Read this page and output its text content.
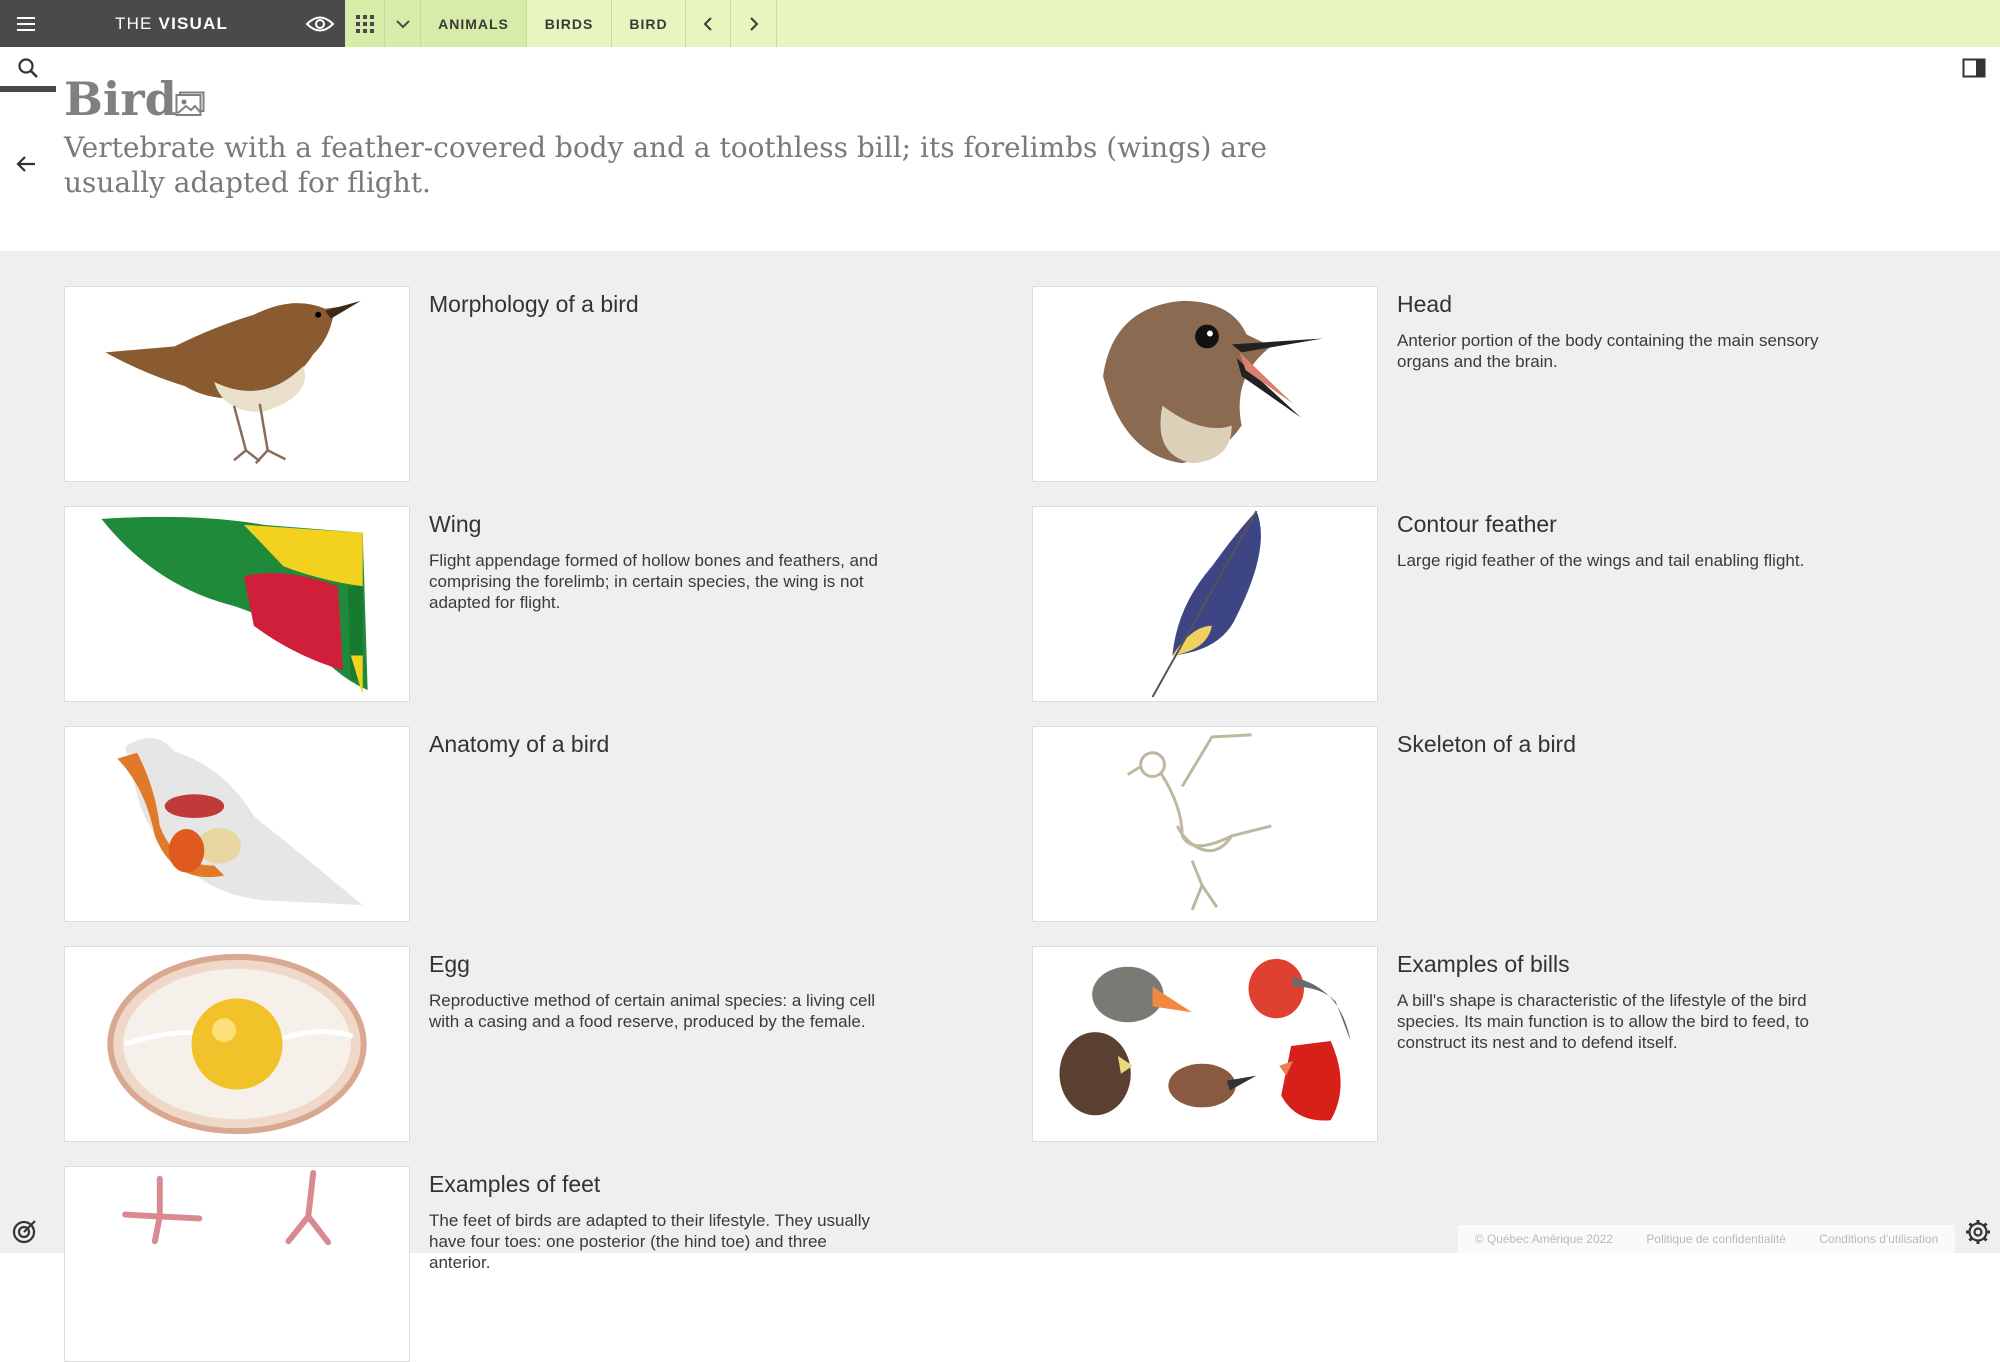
THE VISUAL	ANIMALS	BIRDS	BIRD
Bird

Vertebrate with a feather-covered body and a toothless bill; its forelimbs (wings) are usually adapted for flight.

Morphology of a bird	Head

Anterior portion of the body containing the main sensory organs and the brain.

Wing

Flight appendage formed of hollow bones and feathers, and comprising the forelimb; in certain species, the wing is not adapted for flight.

Contour feather

Large rigid feather of the wings and tail enabling flight.

Anatomy of a bird	Skeleton of a bird

Egg

Reproductive method of certain animal species: a living cell with a casing and a food reserve, produced by the female.

Examples of bills

A bill's shape is characteristic of the lifestyle of the bird species. Its main function is to allow the bird to feed, to construct its nest and to defend itself.

Examples of feet

The feet of birds are adapted to their lifestyle. They usually have four toes: one posterior (the hind toe) and three anterior.

© Québec Amérique 2022	Politique de confidentialité	Conditions d'utilisation
